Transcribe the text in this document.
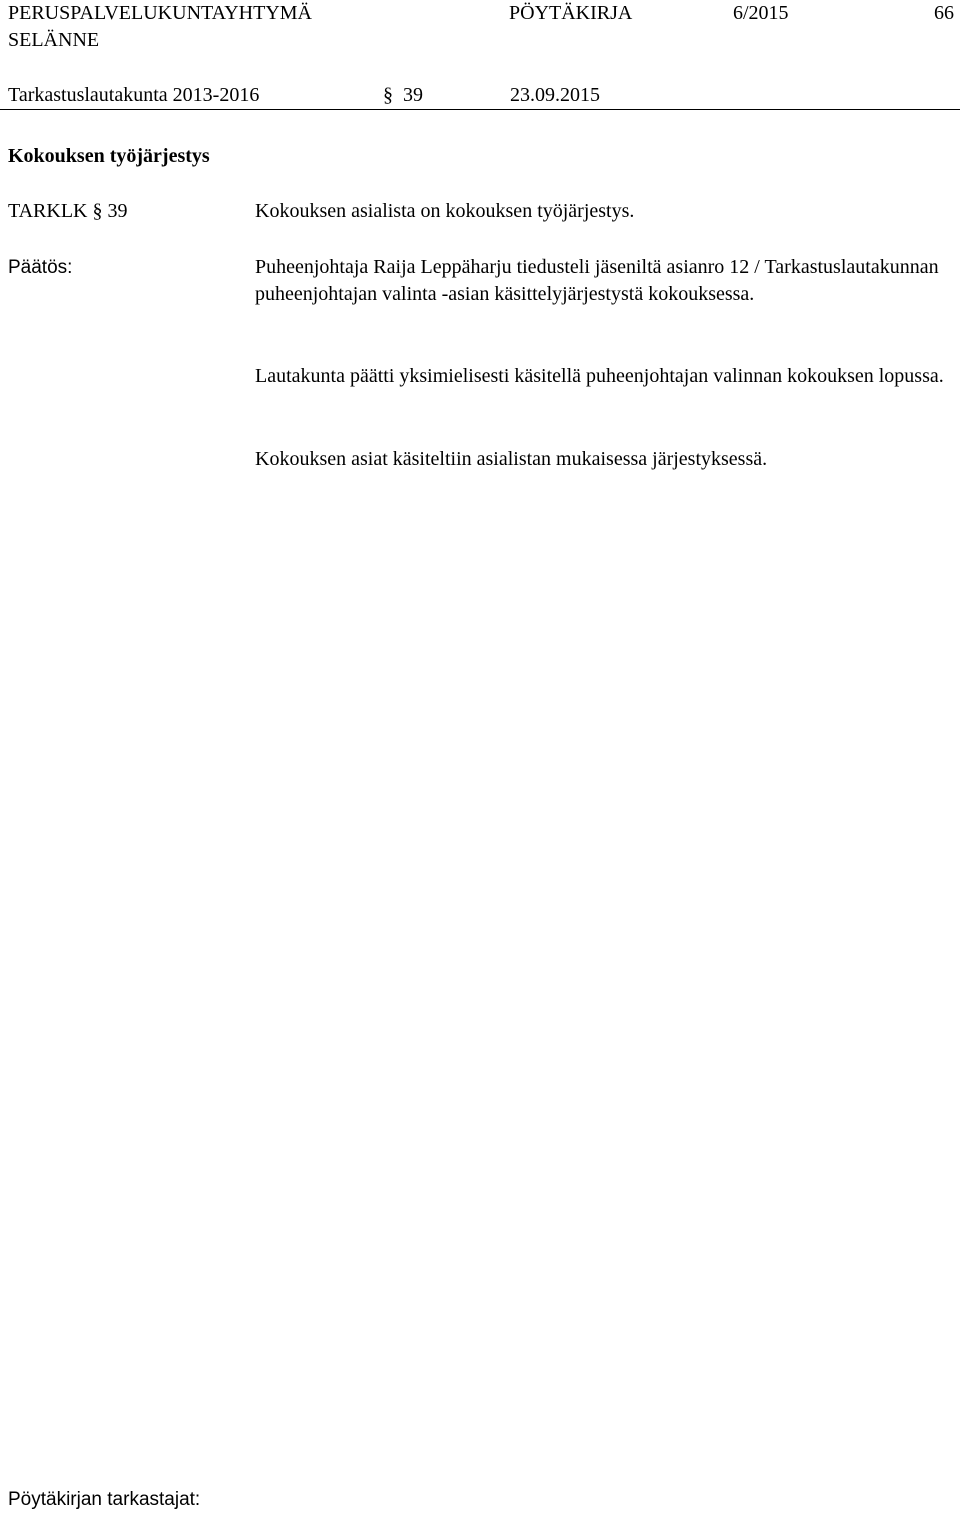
PERUSPALVELUKUNTAYHTYMÄ
SELÄNNE
PÖYTÄKIRJA	6/2015	66
Tarkastuslautakunta 2013-2016	§ 39	23.09.2015
Kokouksen työjärjestys
TARKLK § 39	Kokouksen asialista on kokouksen työjärjestys.
Päätös:	Puheenjohtaja Raija Leppäharju tiedusteli jäseniltä asianro 12 / Tarkastuslautakunnan puheenjohtajan valinta -asian käsittelyjärjestystä kokouksessa.
Lautakunta päätti yksimielisesti käsitellä puheenjohtajan valinnan kokouksen lopussa.
Kokouksen asiat käsiteltiin asialistan mukaisessa järjestyksessä.
Pöytäkirjan tarkastajat:
